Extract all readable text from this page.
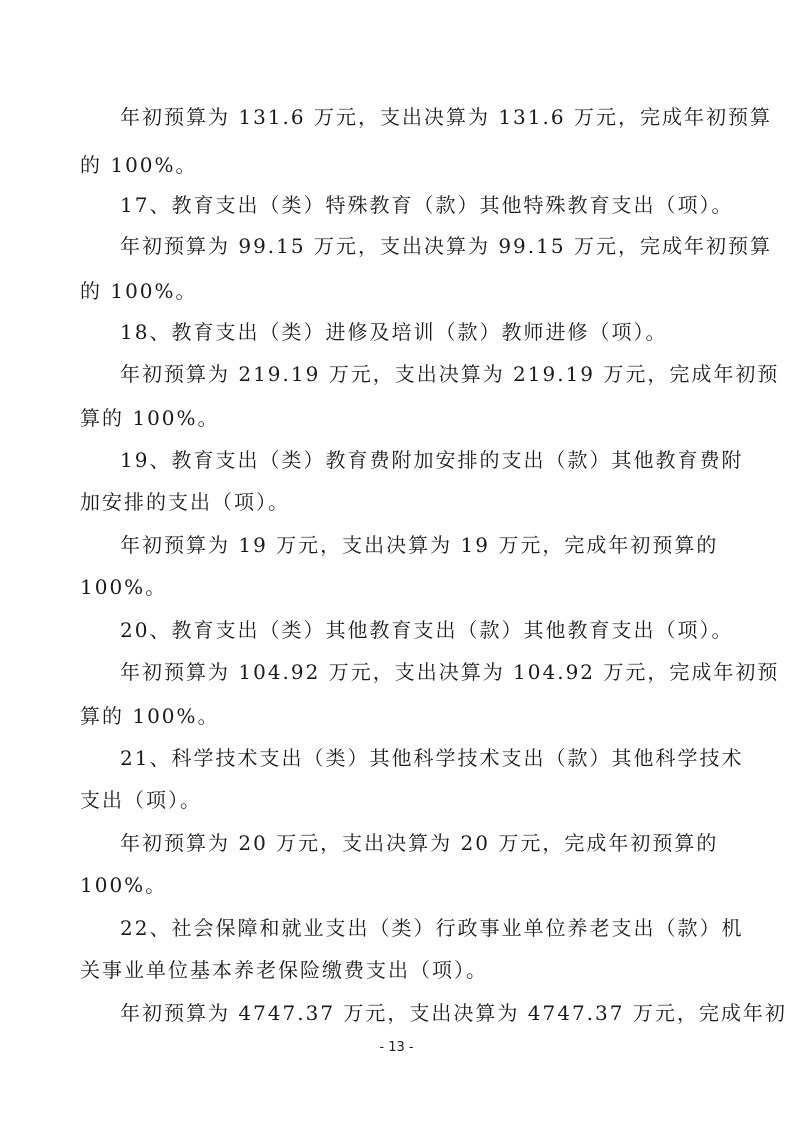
年初预算为 131.6 万元，支出决算为 131.6 万元，完成年初预算
的 100%。
17、教育支出（类）特殊教育（款）其他特殊教育支出（项）。
年初预算为 99.15 万元，支出决算为 99.15 万元，完成年初预算
的 100%。
18、教育支出（类）进修及培训（款）教师进修（项）。
年初预算为 219.19 万元，支出决算为 219.19 万元，完成年初预
算的 100%。
19、教育支出（类）教育费附加安排的支出（款）其他教育费附
加安排的支出（项）。
年初预算为 19 万元，支出决算为 19 万元，完成年初预算的
100%。
20、教育支出（类）其他教育支出（款）其他教育支出（项）。
年初预算为 104.92 万元，支出决算为 104.92 万元，完成年初预
算的 100%。
21、科学技术支出（类）其他科学技术支出（款）其他科学技术
支出（项）。
年初预算为 20 万元，支出决算为 20 万元，完成年初预算的
100%。
22、社会保障和就业支出（类）行政事业单位养老支出（款）机
关事业单位基本养老保险缴费支出（项）。
年初预算为 4747.37 万元，支出决算为 4747.37 万元，完成年初
- 13 -
